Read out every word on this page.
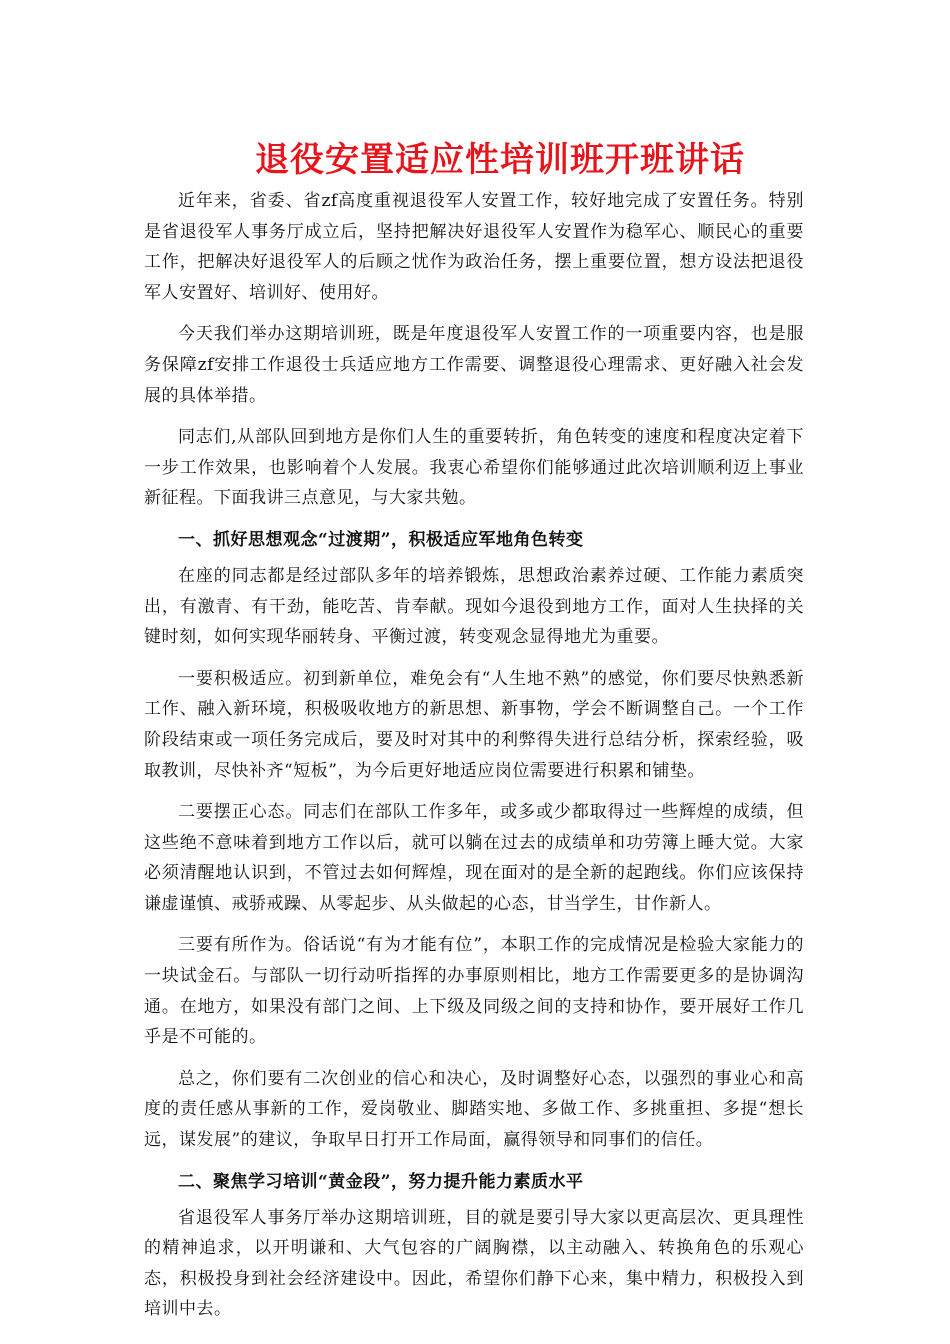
退役安置适应性培训班开班讲话

近年来，省委、省zf高度重视退役军人安置工作，较好地完成了安置任务。特别是省退役军人事务厅成立后，坚持把解决好退役军人安置作为稳军心、顺民心的重要工作，把解决好退役军人的后顾之忧作为政治任务，摆上重要位置，想方设法把退役军人安置好、培训好、使用好。

今天我们举办这期培训班，既是年度退役军人安置工作的一项重要内容，也是服务保障zf安排工作退役士兵适应地方工作需要、调整退役心理需求、更好融入社会发展的具体举措。

同志们,从部队回到地方是你们人生的重要转折，角色转变的速度和程度决定着下一步工作效果，也影响着个人发展。我衷心希望你们能够通过此次培训顺利迈上事业新征程。下面我讲三点意见，与大家共勉。

一、抓好思想观念“过渡期”，积极适应军地角色转变

在座的同志都是经过部队多年的培养锻炼，思想政治素养过硬、工作能力素质突出，有激青、有干劲，能吃苦、肯奉献。现如今退役到地方工作，面对人生抉择的关键时刻，如何实现华丽转身、平衡过渡，转变观念显得地尤为重要。

一要积极适应。初到新单位，难免会有“人生地不熟”的感觉，你们要尽快熟悉新工作、融入新环境，积极吸收地方的新思想、新事物，学会不断调整自己。一个工作阶段结束或一项任务完成后，要及时对其中的利弊得失进行总结分析，探索经验，吸取教训，尽快补齐“短板”，为今后更好地适应岗位需要进行积累和铺垫。

二要摆正心态。同志们在部队工作多年，或多或少都取得过一些辉煌的成绩，但这些绝不意味着到地方工作以后，就可以躺在过去的成绩单和功劳簿上睡大觉。大家必须清醒地认识到，不管过去如何辉煌，现在面对的是全新的起跑线。你们应该保持谦虚谨慎、戒骄戒躁、从零起步、从头做起的心态，甘当学生，甘作新人。

三要有所作为。俗话说“有为才能有位”，本职工作的完成情况是检验大家能力的一块试金石。与部队一切行动听指挥的办事原则相比，地方工作需要更多的是协调沟通。在地方，如果没有部门之间、上下级及同级之间的支持和协作，要开展好工作几乎是不可能的。

总之，你们要有二次创业的信心和决心，及时调整好心态，以强烈的事业心和高度的责任感从事新的工作，爱岗敬业、脚踏实地、多做工作、多挑重担、多提“想长远，谋发展”的建议，争取早日打开工作局面，赢得领导和同事们的信任。

二、聚焦学习培训“黄金段”，努力提升能力素质水平

省退役军人事务厅举办这期培训班，目的就是要引导大家以更高层次、更具理性的精神追求，以开明谦和、大气包容的广阔胸襟，以主动融入、转换角色的乐观心态，积极投身到社会经济建设中。因此，希望你们静下心来，集中精力，积极投入到培训中去。
